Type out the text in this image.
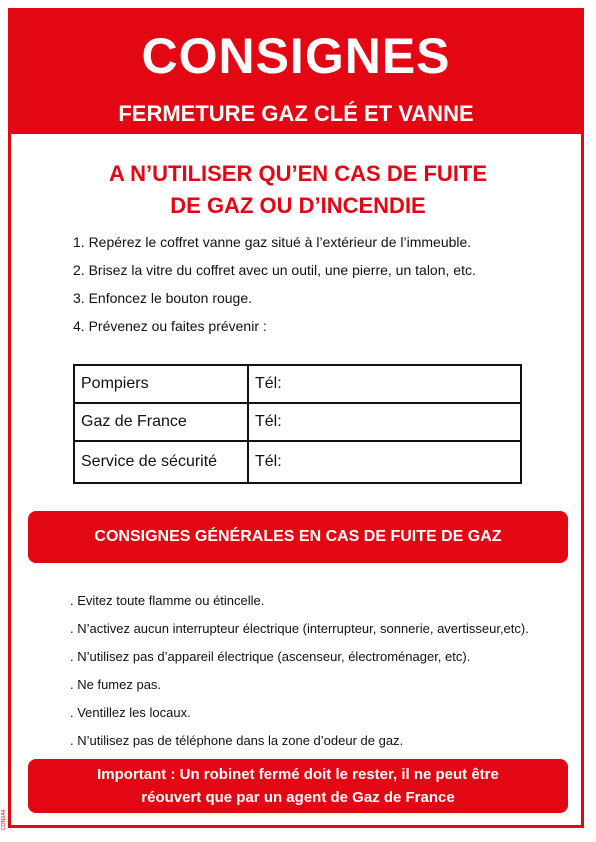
CONSIGNES
FERMETURE GAZ CLÉ ET VANNE
A N’UTILISER QU’EN CAS DE FUITE
DE GAZ OU D’INCENDIE
1. Repérez le coffret vanne gaz situé à l’extérieur de l’immeuble.
2. Brisez la vitre du coffret avec un outil, une pierre, un talon, etc.
3. Enfoncez le bouton rouge.
4. Prévenez ou faites prévenir :
Pompiers	Tél:
Gaz de France	Tél:
Service de sécurité	Tél:
CONSIGNES GÉNÉRALES EN CAS DE FUITE DE GAZ
. Evitez toute flamme ou étincelle.
. N’activez aucun interrupteur électrique (interrupteur, sonnerie, avertisseur,etc).
. N’utilisez pas d’appareil électrique (ascenseur, électroménager, etc).
. Ne fumez pas.
. Ventillez les locaux.
. N’utilisez pas de téléphone dans la zone d’odeur de gaz.
Important : Un robinet fermé doit le rester, il ne peut être
réouvert que par un agent de Gaz de France
CONSA4
